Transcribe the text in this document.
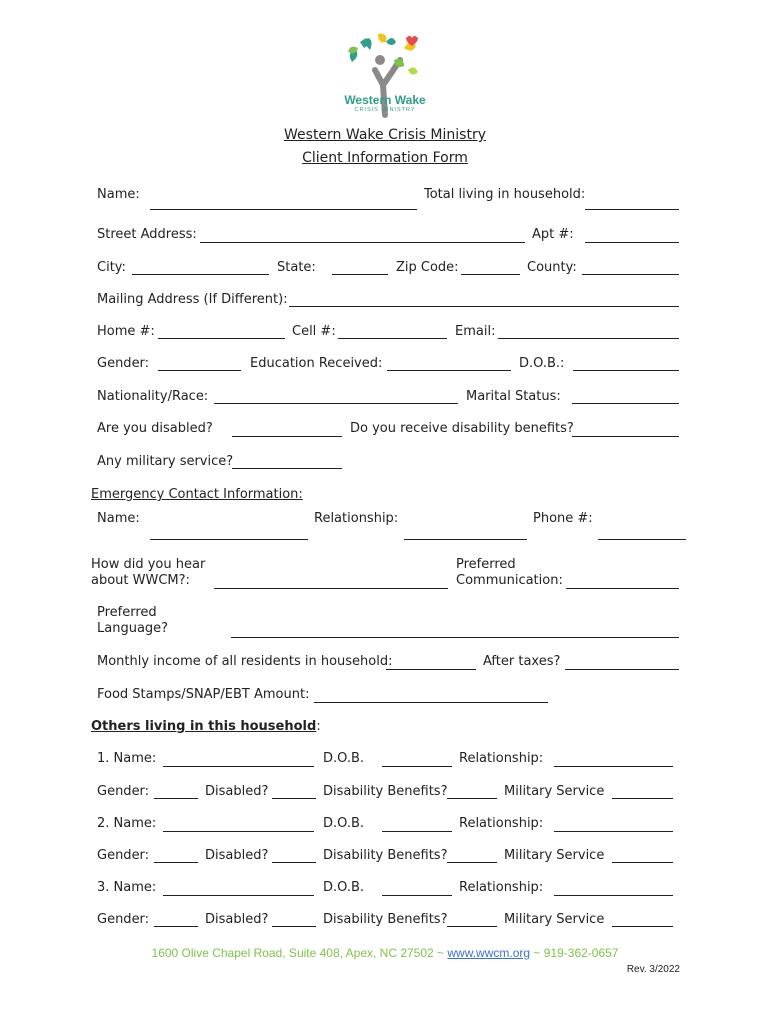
Western Wake
CRISIS MINISTRY
Western Wake Crisis Ministry
Client Information Form
Name:	Total living in household:
Street Address:	Apt #:
City:	State:	Zip Code:	County:
Mailing Address (If Different):
Home #:	Cell #:	Email:
Gender:	Education Received:	D.O.B.:
Nationality/Race:	Marital Status:
Are you disabled?	Do you receive disability benefits?
Any military service?
Emergency Contact Information:
Name:	Relationship:	Phone #:
How did you hear
about WWCM?:
Preferred
Communication:
Preferred
Language?
Monthly income of all residents in household:	After taxes?
Food Stamps/SNAP/EBT Amount:
Others living in this household:
1. Name:	D.O.B.	Relationship:
Gender:	Disabled?	Disability Benefits?	Military Service
2. Name:	D.O.B.	Relationship:
Gender:	Disabled?	Disability Benefits?	Military Service
3. Name:	D.O.B.	Relationship:
Gender:	Disabled?	Disability Benefits?	Military Service
1600 Olive Chapel Road, Suite 408, Apex, NC 27502 ~ www.wwcm.org ~ 919-362-0657
Rev. 3/2022
